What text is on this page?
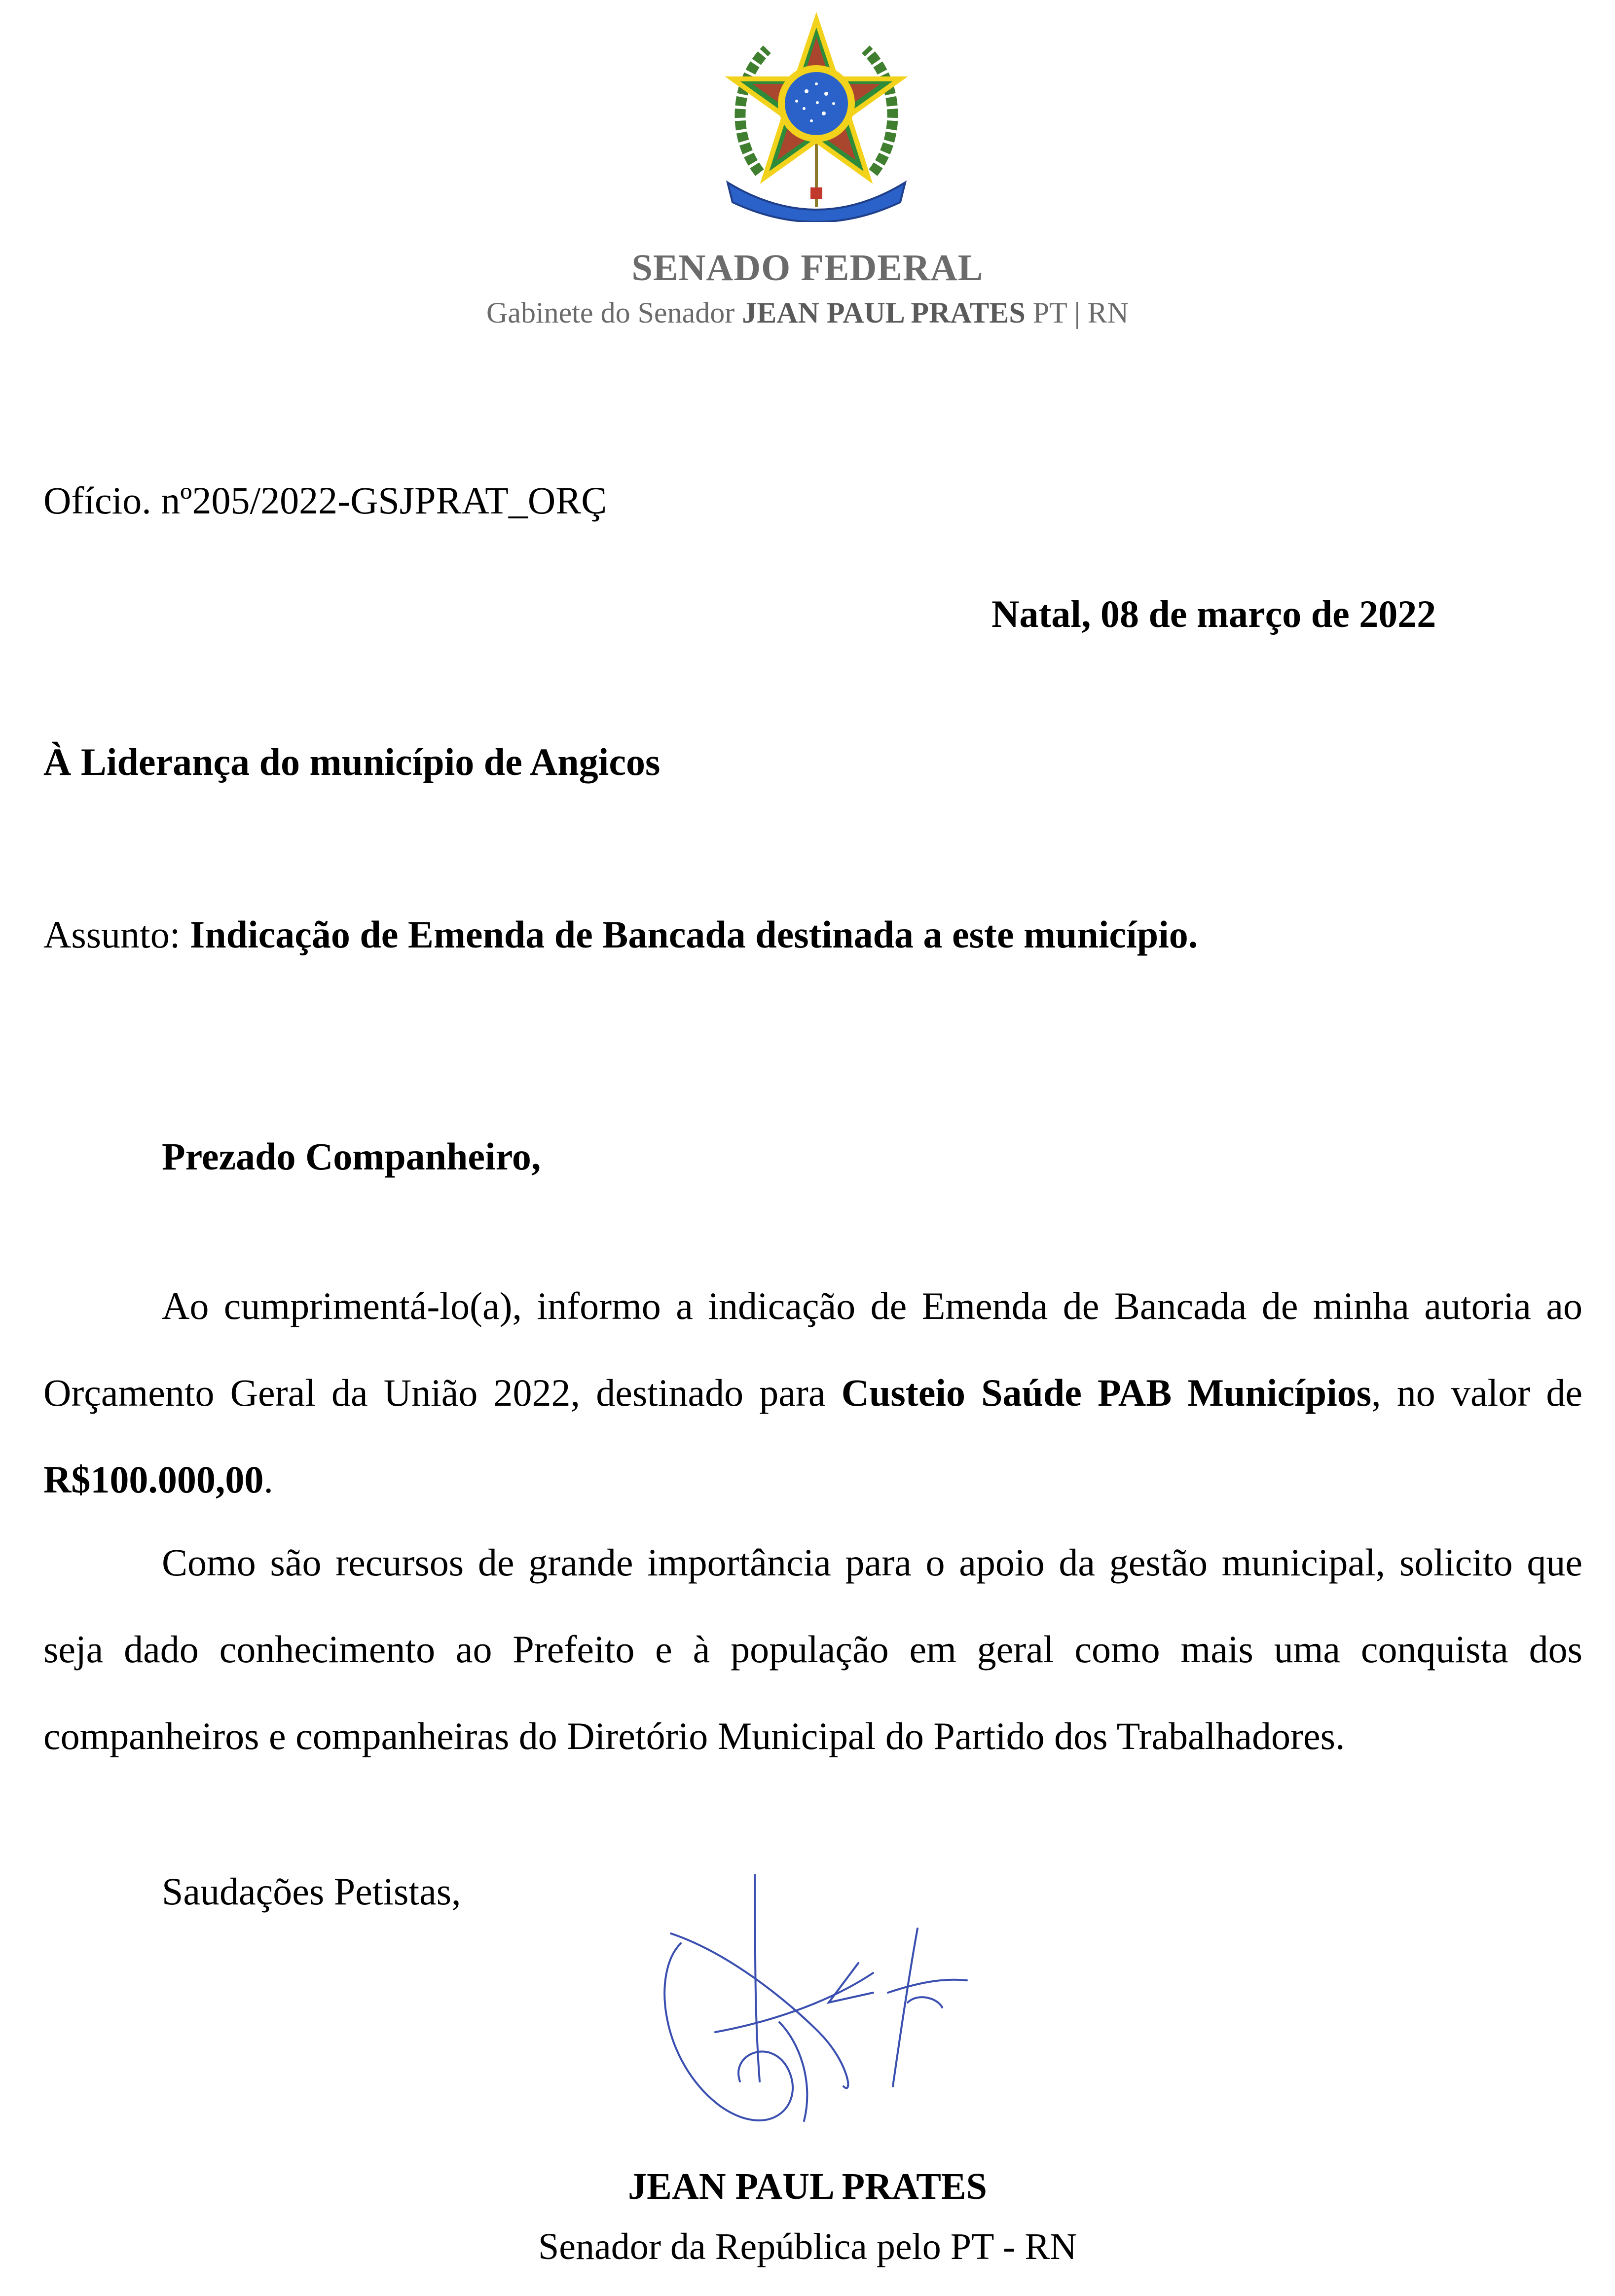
SENADO FEDERAL
Gabinete do Senador JEAN PAUL PRATES PT | RN
Ofício. nº205/2022-GSJPRAT_ORÇ
Natal, 08 de março de 2022
À Liderança do município de Angicos
Assunto: Indicação de Emenda de Bancada destinada a este município.
Prezado Companheiro,
Ao cumprimentá-lo(a), informo a indicação de Emenda de Bancada de minha autoria ao Orçamento Geral da União 2022, destinado para Custeio Saúde PAB Municípios, no valor de R$100.000,00.
Como são recursos de grande importância para o apoio da gestão municipal, solicito que seja dado conhecimento ao Prefeito e à população em geral como mais uma conquista dos companheiros e companheiras do Diretório Municipal do Partido dos Trabalhadores.
Saudações Petistas,
JEAN PAUL PRATES
Senador da República pelo PT - RN
